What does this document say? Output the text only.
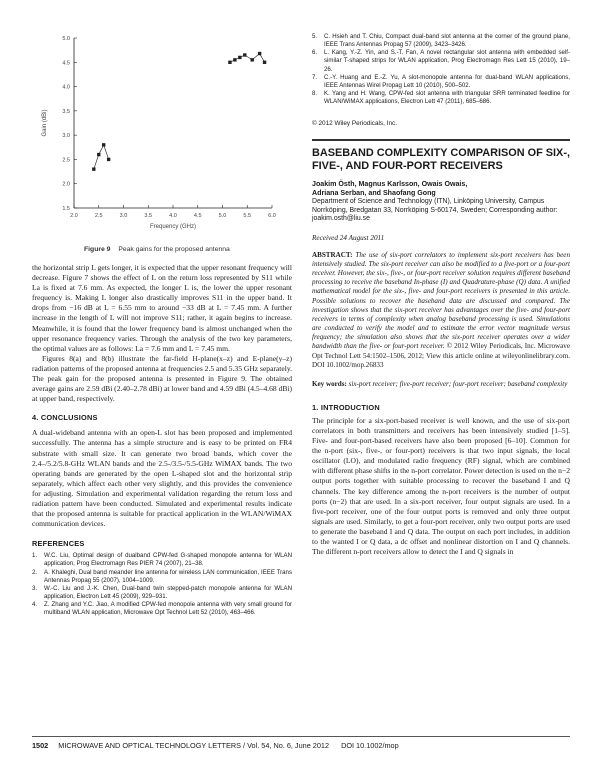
2.0	2.5	3.0	3.5	4.0	4.5	5.0	5.5	6.0
1.5
2.0
2.5
3.0
3.5
4.0
4.5
5.0
Frequency (GHz)
Gain (dBi)
Figure 9 Peak gains for the proposed antenna

the horizontal strip L gets longer, it is expected that the upper resonant frequency will decrease. Figure 7 shows the effect of L on the return loss represented by S11 while La is fixed at 7.6 mm. As expected, the longer L is, the lower the upper resonant frequency is. Making L longer also drastically improves S11 in the upper band. It drops from −16 dB at L = 6.55 mm to around −33 dB at L = 7.45 mm. A further increase in the length of L will not improve S11; rather, it again begins to increase. Meanwhile, it is found that the lower frequency band is almost unchanged when the upper resonance frequency varies. Through the analysis of the two key parameters, the optimal values are as follows: La = 7.6 mm and L = 7.45 mm.

Figures 8(a) and 8(b) illustrate the far-field H-plane(x–z) and E-plane(y–z) radiation patterns of the proposed antenna at frequencies 2.5 and 5.35 GHz separately. The peak gain for the proposed antenna is presented in Figure 9. The obtained average gains are 2.59 dBi (2.40–2.78 dBi) at lower band and 4.59 dBi (4.5–4.68 dBi) at upper band, respectively.

4. CONCLUSIONS

A dual-wideband antenna with an open-L slot has been proposed and implemented successfully. The antenna has a simple structure and is easy to be printed on FR4 substrate with small size. It can generate two broad bands, which cover the 2.4–/5.2/5.8-GHz WLAN bands and the 2.5-/3.5-/5.5-GHz WiMAX bands. The two operating bands are generated by the open L-shaped slot and the horizontal strip separately, which affect each other very slightly, and this provides the convenience for adjusting. Simulation and experimental validation regarding the return loss and radiation pattern have been conducted. Simulated and experimental results indicate that the proposed antenna is suitable for practical application in the WLAN/WiMAX communication devices.

REFERENCES

1. W.C. Liu, Optimal design of dualband CPW-fed G-shaped monopole antenna for WLAN application, Prog Electromagn Res PIER 74 (2007), 21–38.
2. A. Khaleghi, Dual band meander line antenna for wireless LAN communication, IEEE Trans Antennas Propag 55 (2007), 1004–1009.
3. W.-C. Liu and J.-K. Chen, Dual-band twin stepped-patch monopole antenna for WLAN application, Electron Lett 45 (2009), 929–931.
4. Z. Zhang and Y.C. Jiao, A modified CPW-fed monopole antenna with very small ground for multiband WLAN application, Microwave Opt Technol Lett 52 (2010), 463–466.
5. C. Hsieh and T. Chiu, Compact dual-band slot antenna at the corner of the ground plane, IEEE Trans Antennas Propag 57 (2009), 3423–3426.
6. L. Kang, Y.-Z. Yin, and S.-T. Fan, A novel rectangular slot antenna with embedded self-similar T-shaped strips for WLAN application, Prog Electromagn Res Lett 15 (2010), 19–26.
7. C.-Y. Huang and E.-Z. Yu, A slot-monopole antenna for dual-band WLAN applications, IEEE Antennas Wirel Propag Lett 10 (2010), 500–502.
8. K. Yang and H. Wang, CPW-fed slot antenna with triangular SRR terminated feedline for WLAN/WiMAX applications, Electron Lett 47 (2011), 685–686.

© 2012 Wiley Periodicals, Inc.

BASEBAND COMPLEXITY COMPARISON OF SIX-, FIVE-, AND FOUR-PORT RECEIVERS

Joakim Östh, Magnus Karlsson, Owais Owais,

Adriana Serban, and Shaofang Gong

Department of Science and Technology (ITN), Linköping University, Campus Norrköping, Bredgatan 33, Norrköping S-60174, Sweden; Corresponding author: joakim.osth@liu.se

Received 24 August 2011

ABSTRACT: The use of six-port correlators to implement six-port receivers has been intensively studied. The six-port receiver can also be modified to a five-port or a four-port receiver. However, the six-, five-, or four-port receiver solution requires different baseband processing to receive the baseband In-phase (I) and Quadrature-phase (Q) data. A unified mathematical model for the six-, five- and four-port receivers is presented in this article. Possible solutions to recover the baseband data are discussed and compared. The investigation shows that the six-port receiver has advantages over the five- and four-port receivers in terms of complexity when analog baseband processing is used. Simulations are conducted to verify the model and to estimate the error vector magnitude versus frequency; the simulation also shows that the six-port receiver operates over a wider bandwidth than the five- or four-port receiver. © 2012 Wiley Periodicals, Inc. Microwave Opt Technol Lett 54:1502–1506, 2012; View this article online at wileyonlinelibrary.com. DOI 10.1002/mop.26833

Key words: six-port receiver; five-port receiver; four-port receiver; baseband complexity

1. INTRODUCTION

The principle for a six-port-based receiver is well known, and the use of six-port correlators in both transmitters and receivers has been intensively studied [1–5]. Five- and four-port-based receivers have also been proposed [6–10]. Common for the n-port (six-, five-, or four-port) receivers is that two input signals, the local oscillator (LO), and modulated radio frequency (RF) signal, which are combined with different phase shifts in the n-port correlator. Power detection is used on the n−2 output ports together with suitable processing to recover the baseband I and Q channels. The key difference among the n-port receivers is the number of output ports (n−2) that are used. In a six-port receiver, four output signals are used. In a five-port receiver, one of the four output ports is removed and only three output signals are used. Similarly, to get a four-port receiver, only two output ports are used to generate the baseband I and Q data. The output on each port includes, in addition to the wanted I or Q data, a dc offset and nonlinear distortion on I and Q channels. The different n-port receivers allow to detect the I and Q signals in

1502 MICROWAVE AND OPTICAL TECHNOLOGY LETTERS / Vol. 54, No. 6, June 2012 DOI 10.1002/mop
